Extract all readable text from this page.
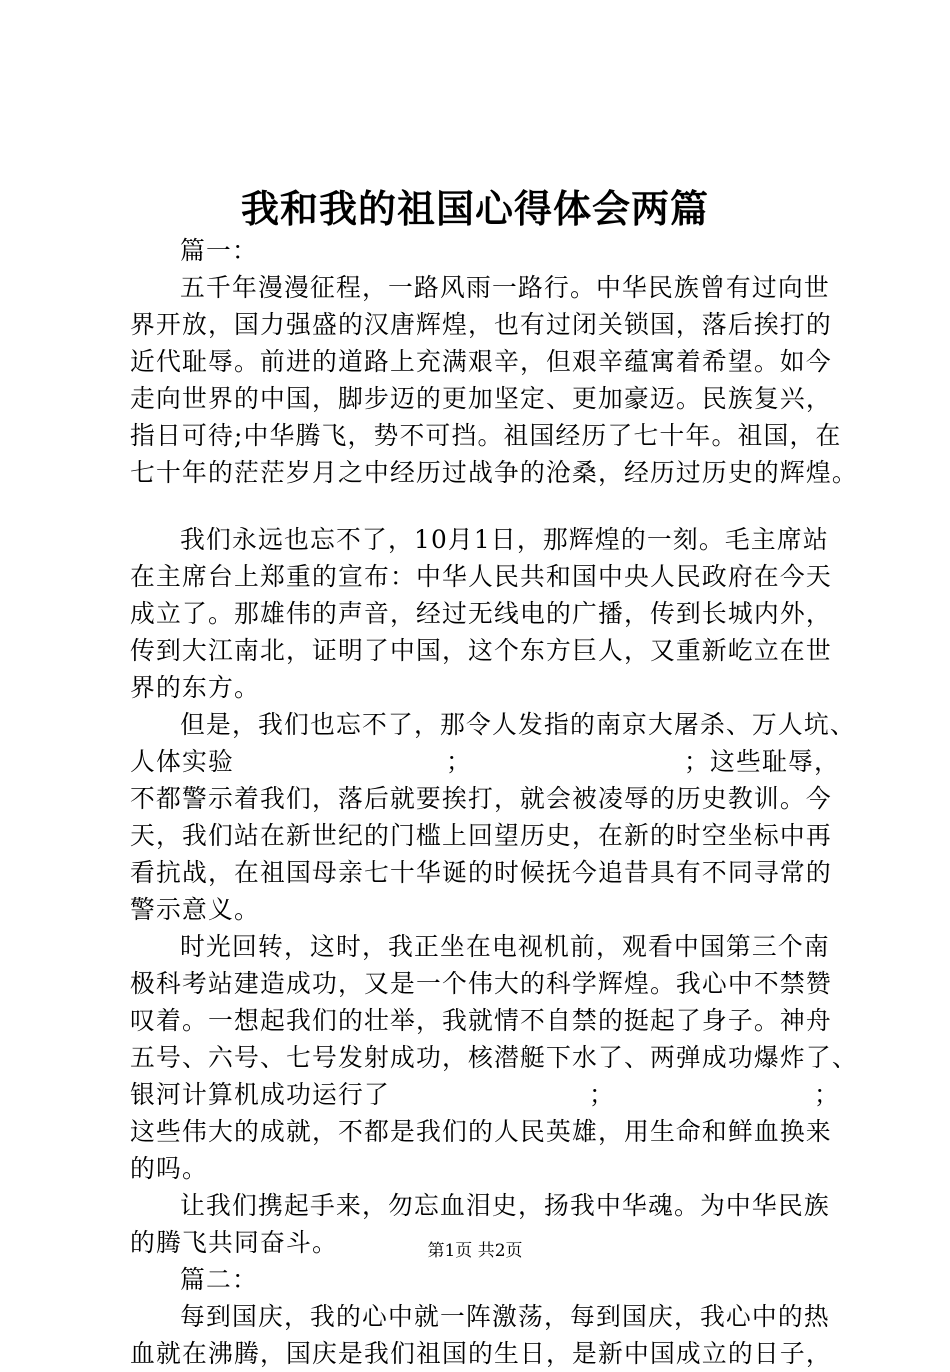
我和我的祖国心得体会两篇
篇一：
五千年漫漫征程，一路风雨一路行。中华民族曾有过向世
界开放，国力强盛的汉唐辉煌，也有过闭关锁国，落后挨打的
近代耻辱。前进的道路上充满艰辛，但艰辛蕴寓着希望。如今
走向世界的中国，脚步迈的更加坚定、更加豪迈。民族复兴，
指日可待;中华腾飞，势不可挡。祖国经历了七十年。祖国，在
七十年的茫茫岁月之中经历过战争的沧桑，经历过历史的辉煌。
我们永远也忘不了，10月1日，那辉煌的一刻。毛主席站
在主席台上郑重的宣布：中华人民共和国中央人民政府在今天
成立了。那雄伟的声音，经过无线电的广播，传到长城内外，
传到大江南北，证明了中国，这个东方巨人，又重新屹立在世
界的东方。
但是，我们也忘不了，那令人发指的南京大屠杀、万人坑、
人体实验	；	；这些耻辱，
不都警示着我们，落后就要挨打，就会被凌辱的历史教训。今
天，我们站在新世纪的门槛上回望历史，在新的时空坐标中再
看抗战，在祖国母亲七十华诞的时候抚今追昔具有不同寻常的
警示意义。
时光回转，这时，我正坐在电视机前，观看中国第三个南
极科考站建造成功，又是一个伟大的科学辉煌。我心中不禁赞
叹着。一想起我们的壮举，我就情不自禁的挺起了身子。神舟
五号、六号、七号发射成功，核潜艇下水了、两弹成功爆炸了、
银河计算机成功运行了	；	；
这些伟大的成就，不都是我们的人民英雄，用生命和鲜血换来
的吗。
让我们携起手来，勿忘血泪史，扬我中华魂。为中华民族
的腾飞共同奋斗。
篇二：
每到国庆，我的心中就一阵激荡，每到国庆，我心中的热
血就在沸腾，国庆是我们祖国的生日，是新中国成立的日子，
第1页 共2页
